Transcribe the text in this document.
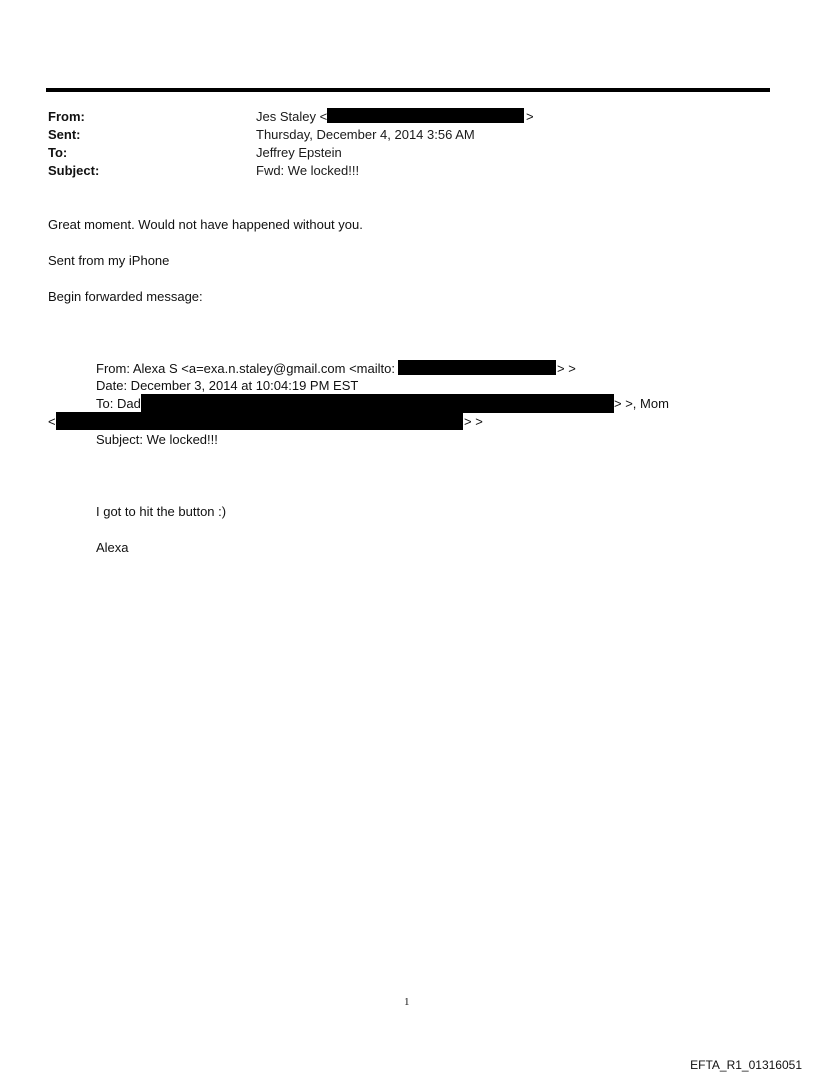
From:	Jes Staley <	>
Sent:	Thursday, December 4, 2014 3:56 AM
To:	Jeffrey Epstein
Subject:	Fwd: We locked!!!
Great moment. Would not have happened without you.
Sent from my iPhone
Begin forwarded message:
From: Alexa S <a=exa.n.staley@gmail.com <mailto:	> >
Date: December 3, 2014 at 10:04:19 PM EST
To: Dad	> >, Mom
<	> >
Subject: We locked!!!
I got to hit the button :)
Alexa
1
EFTA_R1_01316051
